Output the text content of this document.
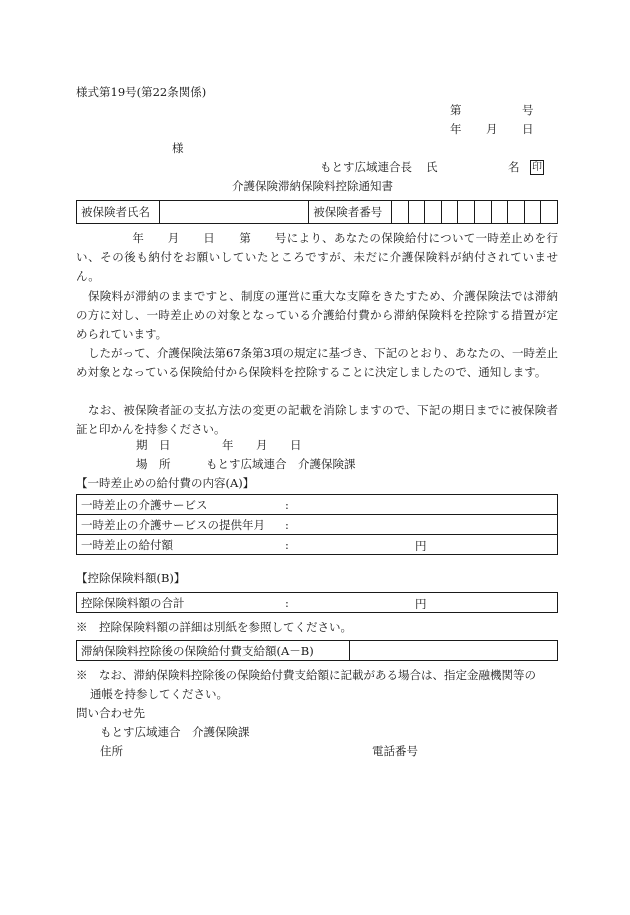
様式第19号(第22条関係)
第	号
年 月 日
様
もとす広域連合長 氏	名 印
介護保険滞納保険料控除通知書
被保険者氏名		被保険者番号										
年　　月　　日 第　　号により、あなたの保険給付について一時差止めを行い、その後も納付をお願いしていたところですが、未だに介護保険料が納付されていません。
保険料が滞納のままですと、制度の運営に重大な支障をきたすため、介護保険法では滞納の方に対し、一時差止めの対象となっている介護給付費から滞納保険料を控除する措置が定められています。
したがって、介護保険法第67条第3項の規定に基づき、下記のとおり、あなたの、一時差止め対象となっている保険給付から保険料を控除することに決定しましたので、通知します。
なお、被保険者証の支払方法の変更の記載を消除しますので、下記の期日までに被保険者証と印かんを持参ください。
期　日	年 月 日
場　所	もとす広域連合　介護保険課
【一時差止めの給付費の内容(A)】
一時差止の介護サービス	:

一時差止の介護サービスの提供年月 :

一時差止の給付額	:	円
【控除保険料額(B)】
控除保険料額の合計	:	円
※　控除保険料額の詳細は別紙を参照してください。
滞納保険料控除後の保険給付費支給額(A－B)	
※　なお、滞納保険料控除後の保険給付費支給額に記載がある場合は、指定金融機関等の
通帳を持参してください。
問い合わせ先
もとす広域連合　介護保険課
住所	電話番号
